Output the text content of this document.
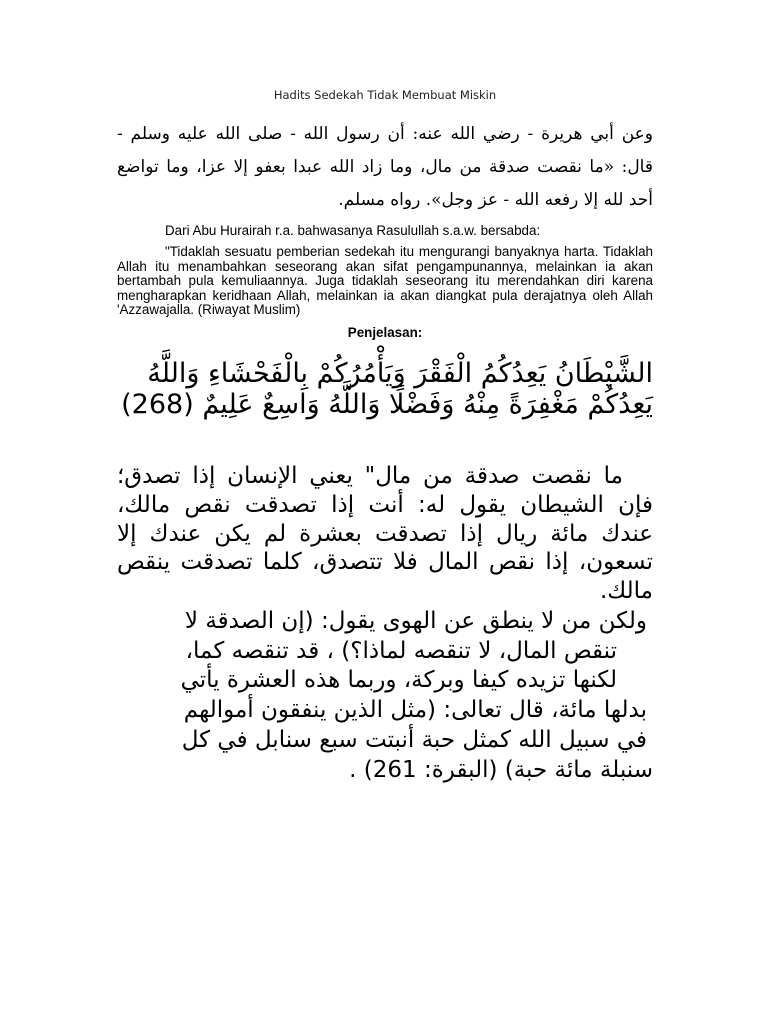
Hadits Sedekah Tidak Membuat Miskin
وعن أبي هريرة - رضي الله عنه: أن رسول الله - صلى الله عليه وسلم - قال: «ما نقصت صدقة من مال، وما زاد الله عبدا بعفو إلا عزا، وما تواضع أحد لله إلا رفعه الله - عز وجل». رواه مسلم.
Dari Abu Hurairah r.a. bahwasanya Rasulullah s.a.w. bersabda:
"Tidaklah sesuatu pemberian sedekah itu mengurangi banyaknya harta. Tidaklah Allah itu menambahkan seseorang akan sifat pengampunannya, melainkan ia akan bertambah pula kemuliaannya. Juga tidaklah seseorang itu merendahkan diri karena mengharapkan keridhaan Allah, melainkan ia akan diangkat pula derajatnya oleh Allah 'Azzawajalla. (Riwayat Muslim)
Penjelasan:
الشَّيْطَانُ يَعِدُكُمُ الْفَقْرَ وَيَأْمُرُكُمْ بِالْفَحْشَاءِ وَاللَّهُ يَعِدُكُمْ مَغْفِرَةً مِنْهُ وَفَضْلًا وَاللَّهُ وَاسِعٌ عَلِيمٌ (268)
ما نقصت صدقة من مال" يعني الإنسان إذا تصدق؛ فإن الشيطان يقول له: أنت إذا تصدقت نقص مالك، عندك مائة ريال إذا تصدقت بعشرة لم يكن عندك إلا تسعون، إذا نقص المال فلا تتصدق، كلما تصدقت ينقص مالك.
ولكن من لا ينطق عن الهوى يقول: (إن الصدقة لا
تنقص المال، لا تنقصه لماذا؟) ، قد تنقصه كما،
لكنها تزيده كيفا وبركة، وربما هذه العشرة يأتي
بدلها مائة، قال تعالى: (مثل الذين ينفقون أموالهم
في سبيل الله كمثل حبة أنبتت سبع سنابل في كل
سنبلة مائة حبة) (البقرة: 261) .
